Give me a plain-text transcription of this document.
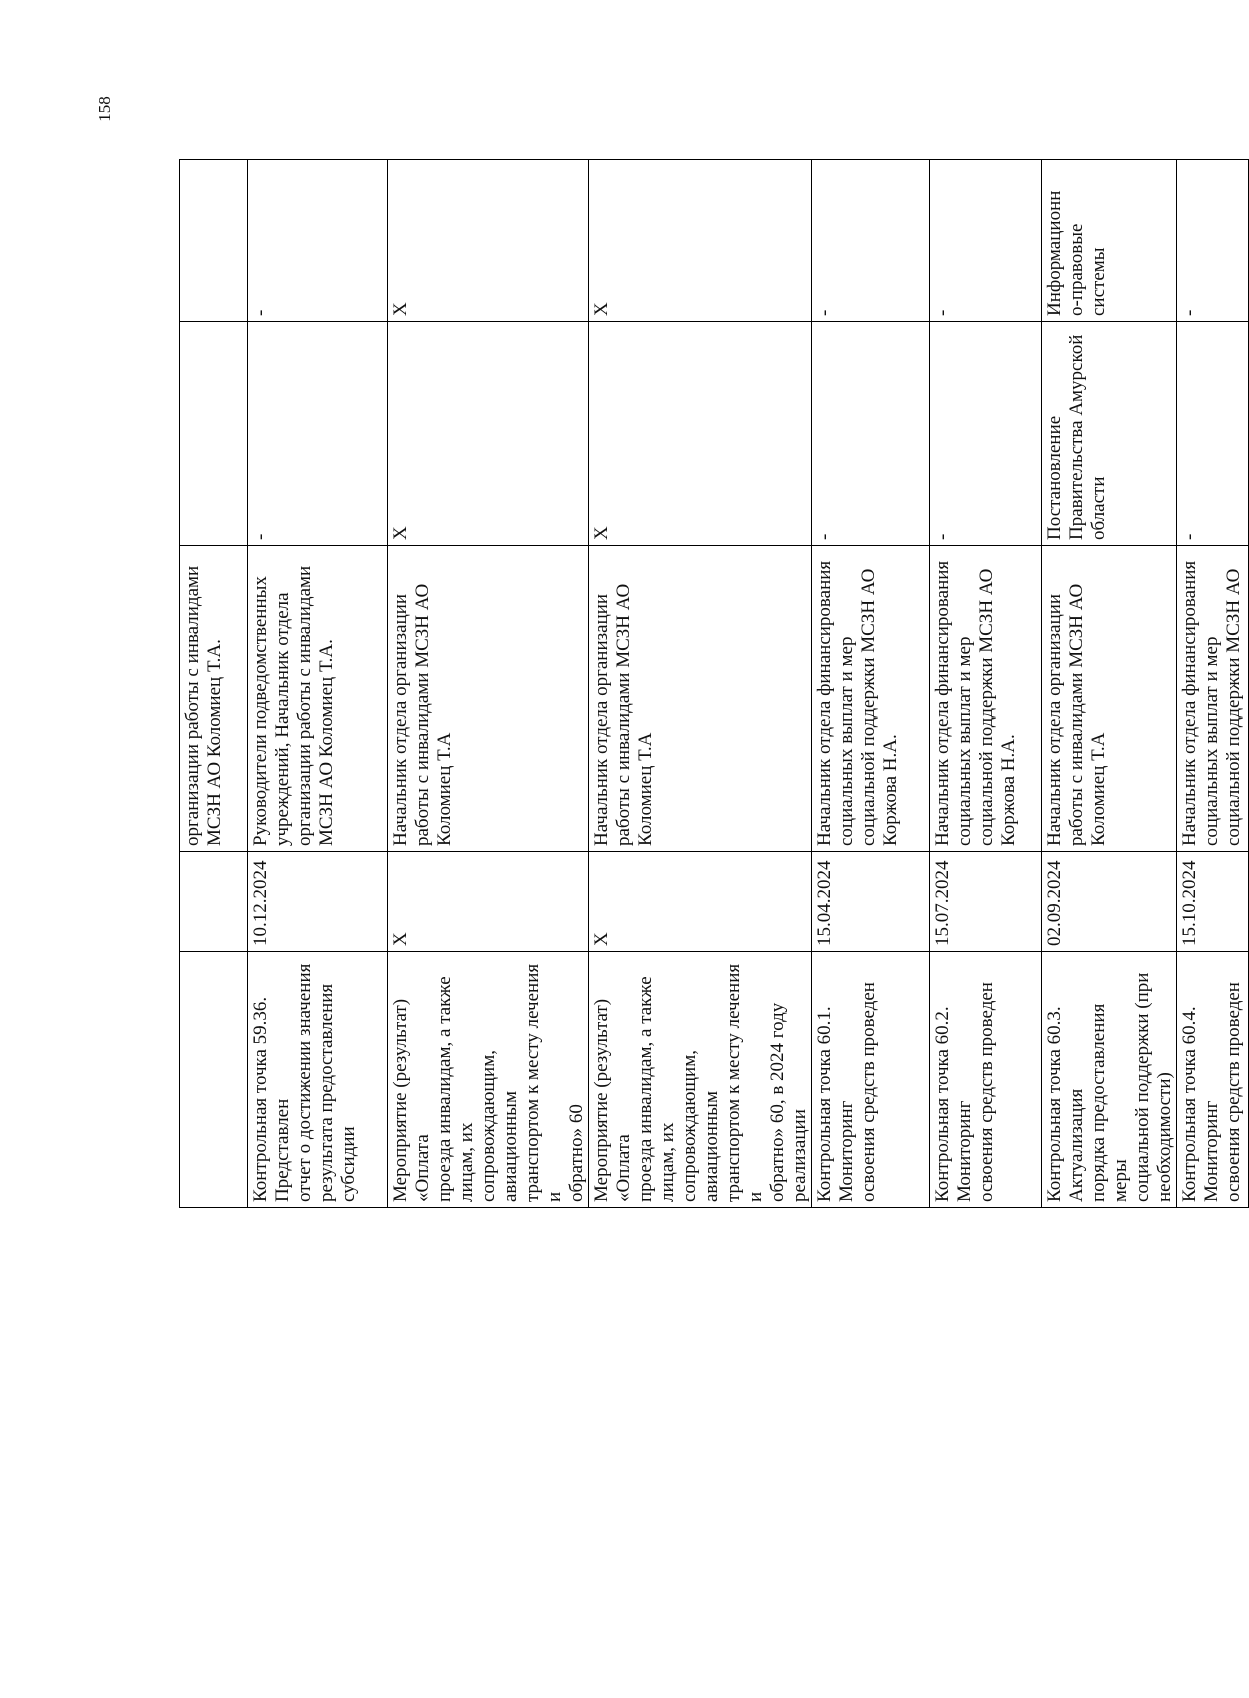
158

		организации работы с инвалидами
МСЗН АО Коломиец Т.А.		

Контрольная точка 59.36. Представлен
отчет о достижении значения
результата предоставления субсидии	10.12.2024	Руководители подведомственных
учреждений, Начальник отдела
организации работы с инвалидами
МСЗН АО Коломиец Т.А.	-	-

Мероприятие (результат) «Оплата
проезда инвалидам, а также лицам, их
сопровождающим, авиационным
транспортом к месту лечения и
обратно» 60	X	Начальник отдела организации
работы с инвалидами МСЗН АО
Коломиец Т.А	X	X

Мероприятие (результат) «Оплата
проезда инвалидам, а также лицам, их
сопровождающим, авиационным
транспортом к месту лечения и
обратно» 60, в 2024 году реализации	X	Начальник отдела организации
работы с инвалидами МСЗН АО
Коломиец Т.А	X	X

Контрольная точка 60.1. Мониторинг
освоения средств проведен	15.04.2024	Начальник отдела финансирования
социальных выплат и мер
социальной поддержки МСЗН АО
Коржова Н.А.	-	-

Контрольная точка 60.2. Мониторинг
освоения средств проведен	15.07.2024	Начальник отдела финансирования
социальных выплат и мер
социальной поддержки МСЗН АО
Коржова Н.А.	-	-

Контрольная точка 60.3. Актуализация
порядка предоставления меры
социальной поддержки (при
необходимости)	02.09.2024	Начальник отдела организации
работы с инвалидами МСЗН АО
Коломиец Т.А	Постановление
Правительства Амурской
области	Информационн
о-правовые
системы

Контрольная точка 60.4. Мониторинг
освоения средств проведен	15.10.2024	Начальник отдела финансирования
социальных выплат и мер
социальной поддержки МСЗН АО	-	-
